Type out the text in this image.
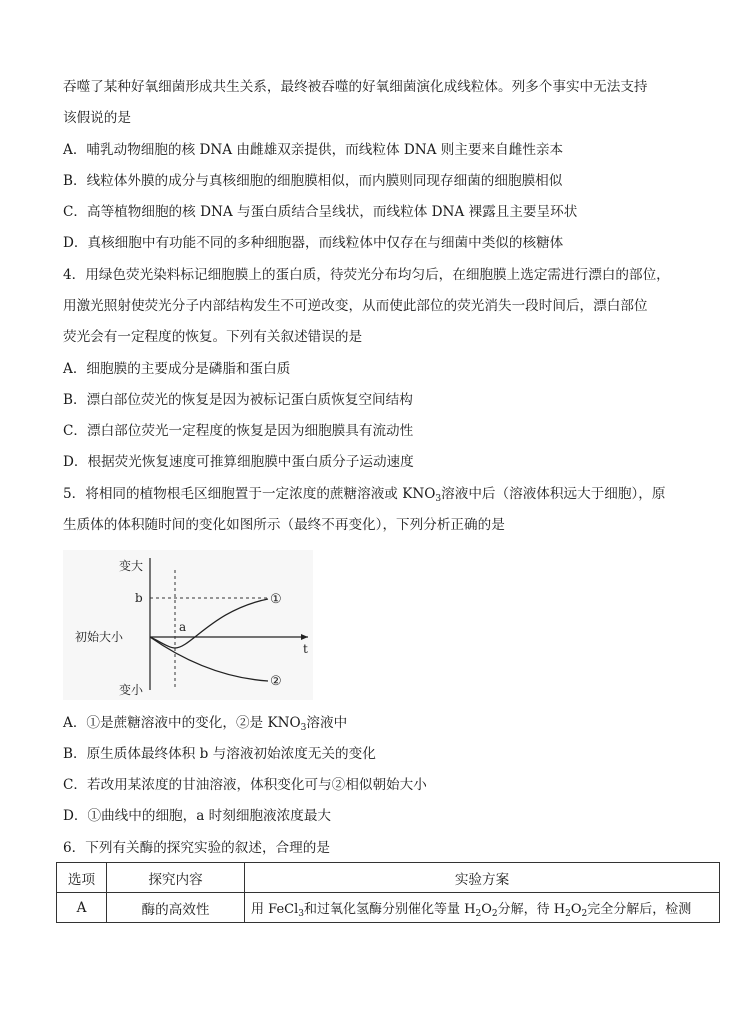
吞噬了某种好氧细菌形成共生关系，最终被吞噬的好氧细菌演化成线粒体。列多个事实中无法支持
该假说的是
A．哺乳动物细胞的核 DNA 由雌雄双亲提供，而线粒体 DNA 则主要来自雌性亲本
B．线粒体外膜的成分与真核细胞的细胞膜相似，而内膜则同现存细菌的细胞膜相似
C．高等植物细胞的核 DNA 与蛋白质结合呈线状，而线粒体 DNA 裸露且主要呈环状
D．真核细胞中有功能不同的多种细胞器，而线粒体中仅存在与细菌中类似的核糖体
4．用绿色荧光染料标记细胞膜上的蛋白质，待荧光分布均匀后，在细胞膜上选定需进行漂白的部位，
用激光照射使荧光分子内部结构发生不可逆改变，从而使此部位的荧光消失一段时间后，漂白部位
荧光会有一定程度的恢复。下列有关叙述错误的是
A．细胞膜的主要成分是磷脂和蛋白质
B．漂白部位荧光的恢复是因为被标记蛋白质恢复空间结构
C．漂白部位荧光一定程度的恢复是因为细胞膜具有流动性
D．根据荧光恢复速度可推算细胞膜中蛋白质分子运动速度
5．将相同的植物根毛区细胞置于一定浓度的蔗糖溶液或 $KNO_3$溶液中后（溶液体积远大于细胞），原
生质体的体积随时间的变化如图所示（最终不再变化），下列分析正确的是
变大
变小
初始大小
b
a
t
①
②
A．①是蔗糖溶液中的变化，②是 $KNO_3$溶液中
B．原生质体最终体积 b 与溶液初始浓度无关的变化
C．若改用某浓度的甘油溶液，体积变化可与②相似朝始大小
D．①曲线中的细胞，a 时刻细胞液浓度最大
6．下列有关酶的探究实验的叙述，合理的是
选项	探究内容	实验方案
A	酶的高效性	用 FeCl$_3$和过氧化氢酶分别催化等量 $H_2O_2$分解，待 $H_2O_2$完全分解后，检测
